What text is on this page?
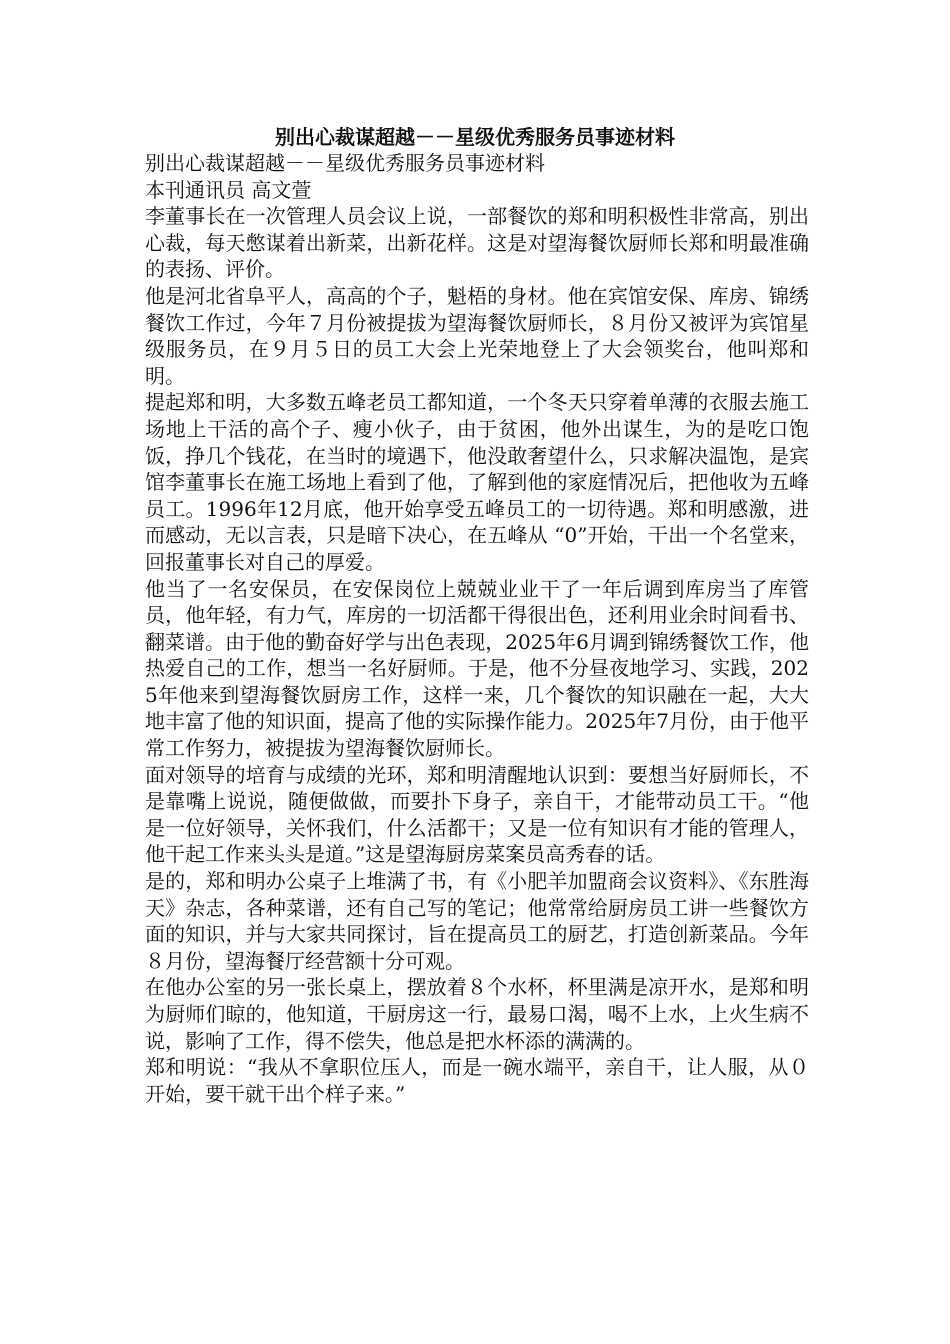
别出心裁谋超越－－星级优秀服务员事迹材料

别出心裁谋超越－－星级优秀服务员事迹材料

本刊通讯员 高文萱

李董事长在一次管理人员会议上说，一部餐饮的郑和明积极性非常高，别出心裁，每天憋谋着出新菜，出新花样。这是对望海餐饮厨师长郑和明最准确的表扬、评价。

他是河北省阜平人，高高的个子，魁梧的身材。他在宾馆安保、库房、锦绣餐饮工作过，今年７月份被提拔为望海餐饮厨师长，８月份又被评为宾馆星级服务员，在９月５日的员工大会上光荣地登上了大会领奖台，他叫郑和明。

提起郑和明，大多数五峰老员工都知道，一个冬天只穿着单薄的衣服去施工场地上干活的高个子、瘦小伙子，由于贫困，他外出谋生，为的是吃口饱饭，挣几个钱花，在当时的境遇下，他没敢奢望什么，只求解决温饱，是宾馆李董事长在施工场地上看到了他，了解到他的家庭情况后，把他收为五峰员工。1996年12月底，他开始享受五峰员工的一切待遇。郑和明感激，进而感动，无以言表，只是暗下决心，在五峰从 “0”开始，干出一个名堂来，回报董事长对自己的厚爱。

他当了一名安保员，在安保岗位上兢兢业业干了一年后调到库房当了库管员，他年轻，有力气，库房的一切活都干得很出色，还利用业余时间看书、翻菜谱。由于他的勤奋好学与出色表现，2025年6月调到锦绣餐饮工作，他热爱自己的工作，想当一名好厨师。于是，他不分昼夜地学习、实践，2025年他来到望海餐饮厨房工作，这样一来，几个餐饮的知识融在一起，大大地丰富了他的知识面，提高了他的实际操作能力。2025年7月份，由于他平常工作努力，被提拔为望海餐饮厨师长。

面对领导的培育与成绩的光环，郑和明清醒地认识到：要想当好厨师长，不是靠嘴上说说，随便做做，而要扑下身子，亲自干，才能带动员工干。“他是一位好领导，关怀我们，什么活都干；又是一位有知识有才能的管理人，他干起工作来头头是道。”这是望海厨房菜案员高秀春的话。

是的，郑和明办公桌子上堆满了书，有《小肥羊加盟商会议资料》、《东胜海天》杂志，各种菜谱，还有自己写的笔记；他常常给厨房员工讲一些餐饮方面的知识，并与大家共同探讨，旨在提高员工的厨艺，打造创新菜品。今年８月份，望海餐厅经营额十分可观。

在他办公室的另一张长桌上，摆放着８个水杯，杯里满是凉开水，是郑和明为厨师们晾的，他知道，干厨房这一行，最易口渴，喝不上水，上火生病不说，影响了工作，得不偿失，他总是把水杯添的满满的。

郑和明说：“我从不拿职位压人，而是一碗水端平，亲自干，让人服，从０开始，要干就干出个样子来。”
